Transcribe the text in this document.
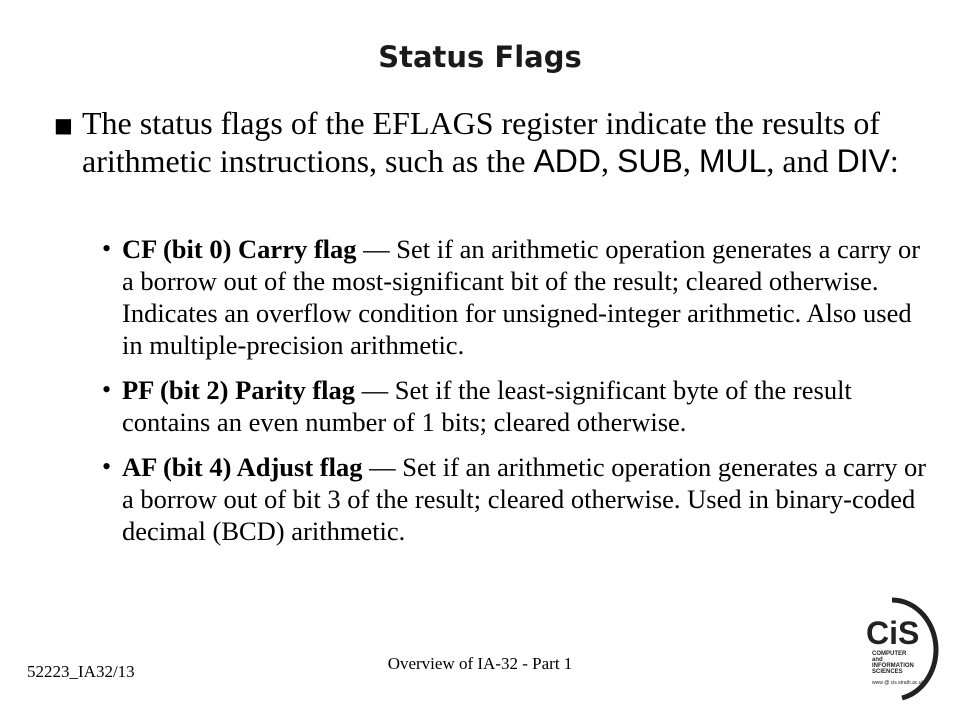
Status Flags
■ The status flags of the EFLAGS register indicate the results of arithmetic instructions, such as the ADD, SUB, MUL, and DIV:

• CF (bit 0) Carry flag — Set if an arithmetic operation generates a carry or a borrow out of the most-significant bit of the result; cleared otherwise. Indicates an overflow condition for unsigned-integer arithmetic. Also used in multiple-precision arithmetic.

• PF (bit 2) Parity flag — Set if the least-significant byte of the result contains an even number of 1 bits; cleared otherwise.

• AF (bit 4) Adjust flag — Set if an arithmetic operation generates a carry or a borrow out of bit 3 of the result; cleared otherwise. Used in binary-coded decimal (BCD) arithmetic.

52223_IA32/13	Overview of IA-32 - Part 1
CiS
COMPUTER
and
INFORMATION
SCIENCES
www @ cis.strath.ac.uk
